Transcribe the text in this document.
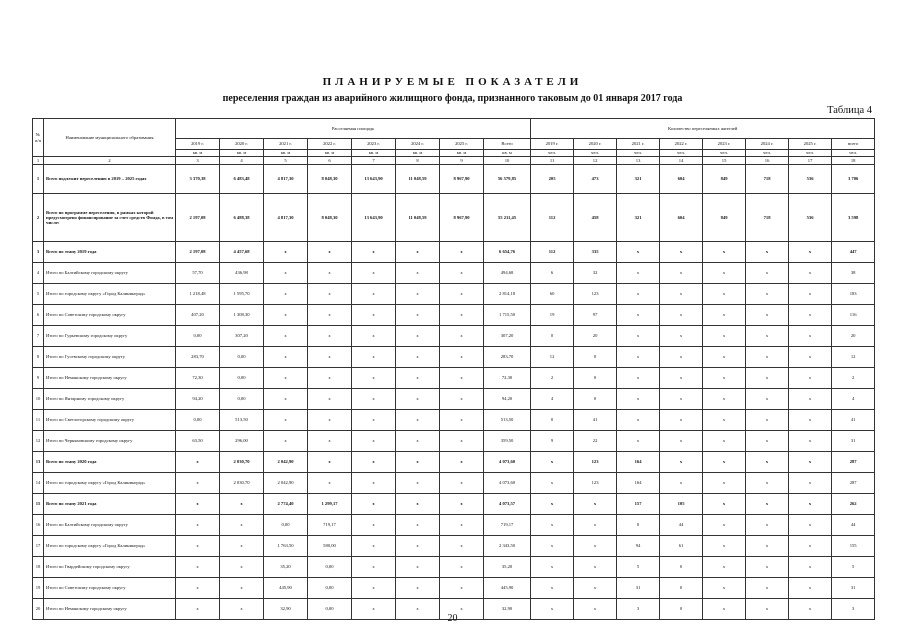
ПЛАНИРУЕМЫЕ ПОКАЗАТЕЛИ
переселения граждан из аварийного жилищного фонда, признанного таковым до 01 января 2017 года
Таблица 4
№ п/п	Наименование муниципального образования	Расселяемая площадь								Количество переселяемых жителей							
		2019 г.	2020 г.	2021 г.	2022 г.	2023 г.	2024 г.	2025 г.	Всего	2019 г.	2020 г.	2021 г.	2022 г.	2023 г.	2024 г.	2025 г.	всего
		кв. м	кв. м	кв. м	кв. м	кв. м	кв. м	кв. м	кв. м	чел.	чел.	чел.	чел.	чел.	чел.	чел.	чел.
1	2	3	4	5	6	7	8	9	10	11	12	13	14	15	16	17	18
1	Всего подлежит переселению в 2019 – 2025 годах	3 370,38	6 483,48	4 817,30	8 048,30	13 643,90	11 048,59	8 967,90	56 579,85	205	473	321	604	849	718	536	3 706
2	Всего по программе переселения, в рамках которой предусмотрено финансирование за счет средств Фонда, в том числе:	2 197,08	6 488,38	4 817,30	8 048,30	13 643,90	11 048,59	8 967,90	55 211,45	112	458	321	604	849	718	536	3 598
3	Всего по этапу 2019 года	2 197,08	4 457,68	х	х	х	х	х	6 654,76	112	335	х	х	х	х	х	447
4	Итого по Балтийскому городскому округу	57,70	436,98	х	х	х	х	х	494,68	6	32	х	х	х	х	х	38
5	Итого по городскому округу «Город Калининград»	1 218,48	1 595,70	х	х	х	х	х	2 814,18	60	123	х	х	х	х	х	183
6	Итого по Советскому городскому округу	407,20	1 308,30	х	х	х	х	х	1 715,50	19	97	х	х	х	х	х	116
7	Итого по Гурьевскому городскому округу	0,00	307,20	х	х	х	х	х	307,20	0	20	х	х	х	х	х	20
8	Итого по Гусевскому городскому округу	283,70	0,00	х	х	х	х	х	283,70	12	0	х	х	х	х	х	12
9	Итого по Неманскому городскому округу	72,30	0,00	х	х	х	х	х	72,30	2	0	х	х	х	х	х	2
10	Итого по Янтарному городскому округу	94,20	0,00	х	х	х	х	х	94,20	4	0	х	х	х	х	х	4
11	Итого по Светлогорскому городскому округу	0,00	513,50	х	х	х	х	х	513,50	0	41	х	х	х	х	х	41
12	Итого по Черняховскому городскому округу	63,50	296,00	х	х	х	х	х	359,50	9	22	х	х	х	х	х	31
13	Всего по этапу 2020 года	х	2 030,70	2 042,90	х	х	х	х	4 073,60	х	123	164	х	х	х	х	287
14	Итого по городскому округу «Город Калининград»	х	2 030,70	2 042,90	х	х	х	х	4 073,60	х	123	164	х	х	х	х	287
15	Всего по этапу 2021 года	х	х	2 774,40	1 299,17	х	х	х	4 073,57	х	х	157	105	х	х	х	262
16	Итого по Балтийскому городскому округу	х	х	0,00	719,17	х	х	х	719,17	х	х	0	44	х	х	х	44
17	Итого по городскому округу «Город Калининград»	х	х	1 763,50	580,00	х	х	х	2 343,50	х	х	94	61	х	х	х	155
18	Итого по Гвардейскому городскому округу	х	х	35,20	0,00	х	х	х	35,20	х	х	5	0	х	х	х	5
19	Итого по Советскому городскому округу	х	х	445,90	0,00	х	х	х	445,90	х	х	31	0	х	х	х	31
20	Итого по Неманскому городскому округу	х	х	32,90	0,00	х	х	х	32,90	х	х	3	0	х	х	х	3
20
